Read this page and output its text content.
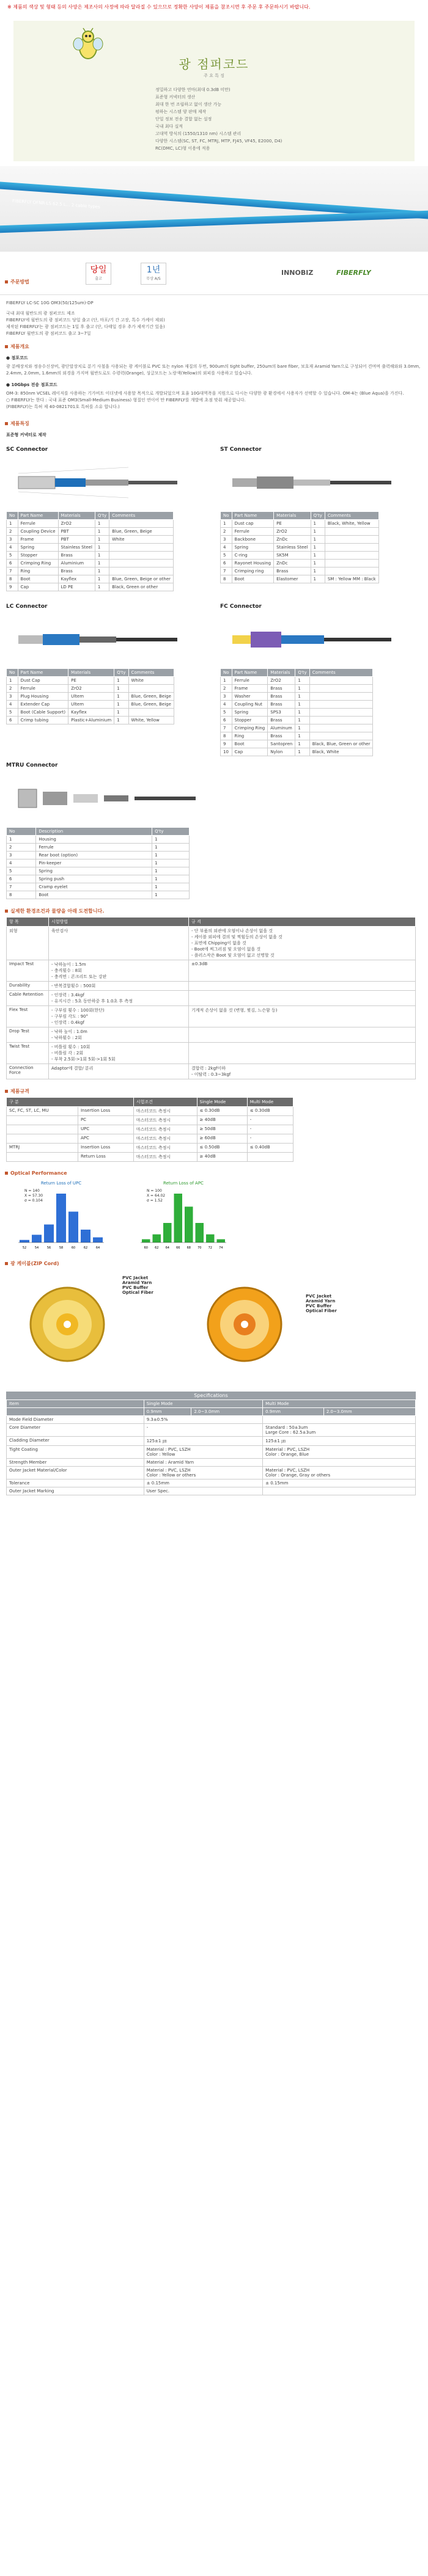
※ 제품의 색상 및 형태 등의 사양은 제조사의 사정에 따라 달라질 수 있으므로 정확한 사양이 제품을 참조시면 후 주문 후 주문하시기 바랍니다.
광 점퍼코드
주 요 특 징
정밀하고 다양한 연마(최대 0.3dB 미만)
표준형 커넥터의 생산
최대 한 번 조립하고 없이 생산 가능
펑하는 시스템 양 판매 제작
단일 정보 전송 결합 없는 설정
국내 최다 실적
고대역 방식의 (1550/1310 nm) 시스템 관리
다양한 시스템(SC, ST, FC, MTRJ, MTP, FJ45, VF45, E2000, D4)
RC(DMC, LC)형 이용에 적용
FIBERFLY OFNR-LS 62.5 L... 2 cable types
당일
출고
1년
무상 A/S
INNOBIZ	FIBERFLY
주문방법
FIBERFLY LC-SC 10G OM3(50/125um)-DP
국내 최대 월반도의 광 점퍼코드 제조
FIBERFLY에 월반도의 광 점퍼코드 당일 출고 (단, 마포/기 간 고장, 특수 가케이 제외)
제작된 FIBERFLY는 광 점퍼코드는 1일 후 출고 (단, 다태일 경우 추가 제작기간 있음)
FIBERFLY 월반도의 광 점퍼코드 출고 3~7일
제품개요
● 점포코드
광 분배장치와 정송수신장비, 광단말장치로 분기 사철을 사용되는 광 케이블로 PVC 또는 nylon 재질의 두번, 900um의 tight buffer, 250um의 bare fiber, 보호재 Aramid Yarn으로 구성되어 견며며 출력해와와 3.0mm, 2.4mm, 2.0mm, 1.6mm의 외경을 가지며 월반도로도 수령력(Orange), 싱글모드는 노랑색(Yellow)의 외피를 사용하고 있습니다.
● 10Gbps 전송 점포코드
OM-3: 850nm VCSEL 레이저를 사용하는 기가비트 이더넷에 사용할 목적으로 개발되었으며 효율 10G대역폭을 지원으로 다시는 다양한 광 환경에서 사용자가 선택할 수 있습니다. OM-4는 (Blue Aqua)을 가진다.
○ FIBERFLY는 한다 : 국내 표준 OM3(Small-Medium Business) 형질인 연이어 만 FIBERFLY를 개발에 초점 맞춰 제공합니다.
(FIBERFLY)는 특허 제 40-0821701호 특허를 소유 합니다.)
제품특징
표준형 커넥터로 제작
SC Connector
No	Part Name	Materials	Q'ty	Comments
1	Ferrule	ZrO2	1	
2	Coupling Device	PBT	1	Blue, Green, Beige
3	Frame	PBT	1	White
4	Spring	Stainless Steel	1	
5	Stopper	Brass	1	
6	Crimping Ring	Aluminium	1	
7	Ring	Brass	1	
8	Boot	Kayflex	1	Blue, Green, Beige or other
9	Cap	LD PE	1	Black, Green or other
ST Connector
No	Part Name	Materials	Q'ty	Comments
1	Dust cap	PE	1	Black, White, Yellow
2	Ferrule	ZrO2	1	
3	Backbone	ZnDc	1	
4	Spring	Stainless Steel	1	
5	C-ring	SK5M	1	
6	Rayonet Housing	ZnDc	1	
7	Crimping ring	Brass	1	
8	Boot	Elastomer	1	SM : Yellow MM : Black
LC Connector
No	Part Name	Materials	Q'ty	Comments
1	Dust Cap	PE	1	White
2	Ferrule	ZrO2	1	
3	Plug Housing	Ultem	1	Blue, Green, Beige
4	Extender Cap	Ultem	1	Blue, Green, Beige
5	Boot (Cable Support)	Kayflex	1	
6	Crimp tubing	Plastic+Aluminium	1	White, Yellow
FC Connector
No	Part Name	Materials	Q'ty	Comments
1	Ferrule	ZrO2	1	
2	Frame	Brass	1	
3	Washer	Brass	1	
4	Coupling Nut	Brass	1	
5	Spring	SPS3	1	
6	Stopper	Brass	1	
7	Crimping Ring	Aluminum	1	
8	Ring	Brass	1	
9	Boot	Santopren	1	Black, Blue, Green or other
10	Cap	Nylon	1	Black, White
MTRU Connector
No	Description	Q'ty
1	Housing	1
2	Ferrule	1
3	Rear boot (option)	1
4	Pin-keeper	1
5	Spring	1
6	Spring push	1
7	Cramp eyelet	1
8	Boot	1
실제한 환경조건과 물량을 아래 도전합니다.
항 목	시험방법	규 격
외형	육안검사	- 단 부품의 외관에 오염이나 손상이 없을 것
- 케이블 외피에 결의 및 찍힘등의 손상이 없을 것
- 표면에 Chipping이 없을 것
- Boot에 찌그러짐 및 오염이 없을 것
- 플러스작은 Boot 및 오염이 없고 선명할 것
Impact Test	- 낙하높이 : 1.5m
- 충격횟수 : 8회
- 충격면 : 콘크리트 또는 강판	±0.3dB
Durability	- 반복결합횟수 : 500회	
Cable Retention	- 인장력 : 3.4kgf
- 유지시간 : 5초 동안하중 후 1.0초 후 측정	
Flex Test	- 구부림 횟수 : 100회(한단)
- 구부림 각도 : 90°
- 인장력 : 0.4kgf	기계적 손상이 없을 것 (변형, 찢김, 느슨함 등)
Drop Test	- 낙하 높이 : 1.0m
- 낙하횟수 : 2회	
Twist Test	- 비틀림 횟수 : 10회
- 비틀림 각 : 2회
- 부착 2.5회->1회 5회->1회 5회	
Connection Force	Adaptor에 결합/ 분리	결합력 : 2kgf이하
- 이탈력 : 0.3~3kgf
제품규격
구 분		시험조건	Single Mode	Multi Mode
SC, FC, ST, LC, MU	Insertion Loss	마스터코드 측정시	≤ 0.30dB	≤ 0.30dB
	PC	마스터코드 측정시	≥ 40dB	-
	UPC	마스터코드 측정시	≥ 50dB	-
	APC	마스터코드 측정시	≥ 60dB	-
MTRJ	Insertion Loss	마스터코드 측정시	≤ 0.50dB	≤ 0.40dB
	Return Loss	마스터코드 측정시	≥ 40dB	
Optical Performance
Return Loss of UPC
N = 140
X = 57.30
σ = 0.104
52	54	56	58	60	62	64
Return Loss of APC
N = 100
X = 64.02
σ = 1.52
60 62 64 66 68 70 72 74
광 케이블(ZIP Cord)
PVC Jacket
Aramid Yarn
PVC Buffer
Optical Fiber
PVC Jacket
Aramid Yarn
PVC Buffer
Optical Fiber
Specifications
Item	Single Mode		Multi Mode	
	0.9mm	2.0~3.0mm	0.9mm	2.0~3.0mm
Mode Field Diameter	9.3±0.5%			
Core Diameter	-		Standard : 50±3um
Large Core : 62.5±3um	
Cladding Diameter	125±1 ㎛		125±1 ㎛	
Tight Coating	Material : PVC, LSZH
Color : Yellow		Material : PVC, LSZH
Color : Orange, Blue	
Strength Member	Material : Aramid Yarn			
Outer Jacket Material/Color	Material : PVC, LSZH
Color : Yellow or others		Material : PVC, LSZH
Color : Orange, Gray or others	
Tolerance	± 0.15mm		± 0.15mm	
Outer Jacket Marking	User Spec.			
